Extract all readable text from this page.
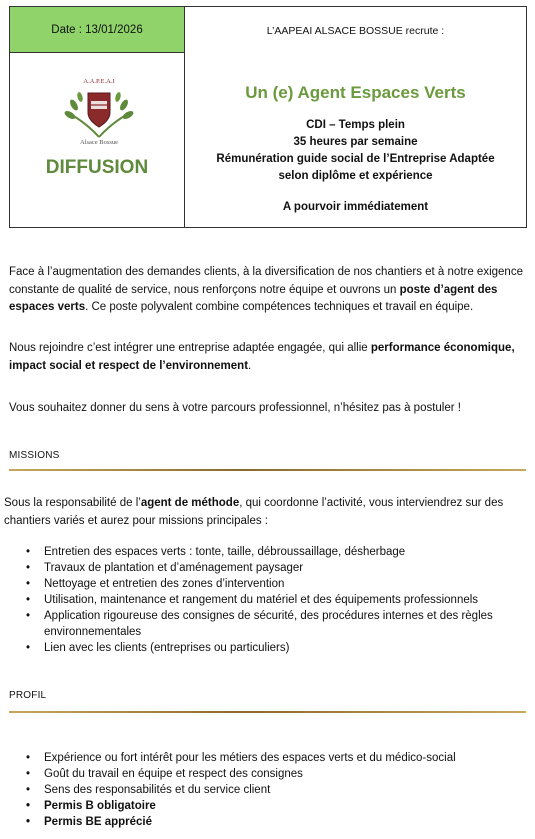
Date : 13/01/2026
A.A.P.E.A.I
Alsace Bossue
DIFFUSION
L’AAPEAI ALSACE BOSSUE recrute :
Un (e) Agent Espaces Verts
CDI – Temps plein
35 heures par semaine
Rémunération guide social de l’Entreprise Adaptée
selon diplôme et expérience
A pourvoir immédiatement

Face à l’augmentation des demandes clients, à la diversification de nos chantiers et à notre exigence constante de qualité de service, nous renforçons notre équipe et ouvrons un poste d’agent des espaces verts. Ce poste polyvalent combine compétences techniques et travail en équipe.

Nous rejoindre c’est intégrer une entreprise adaptée engagée, qui allie performance économique, impact social et respect de l’environnement.

Vous souhaitez donner du sens à votre parcours professionnel, n’hésitez pas à postuler !

MISSIONS

Sous la responsabilité de l’agent de méthode, qui coordonne l’activité, vous interviendrez sur des chantiers variés et aurez pour missions principales :

• Entretien des espaces verts : tonte, taille, débroussaillage, désherbage
• Travaux de plantation et d’aménagement paysager
• Nettoyage et entretien des zones d’intervention
• Utilisation, maintenance et rangement du matériel et des équipements professionnels
• Application rigoureuse des consignes de sécurité, des procédures internes et des règles environnementales
• Lien avec les clients (entreprises ou particuliers)
PROFIL
• Expérience ou fort intérêt pour les métiers des espaces verts et du médico-social
• Goût du travail en équipe et respect des consignes
• Sens des responsabilités et du service client
• Permis B obligatoire
• Permis BE apprécié
